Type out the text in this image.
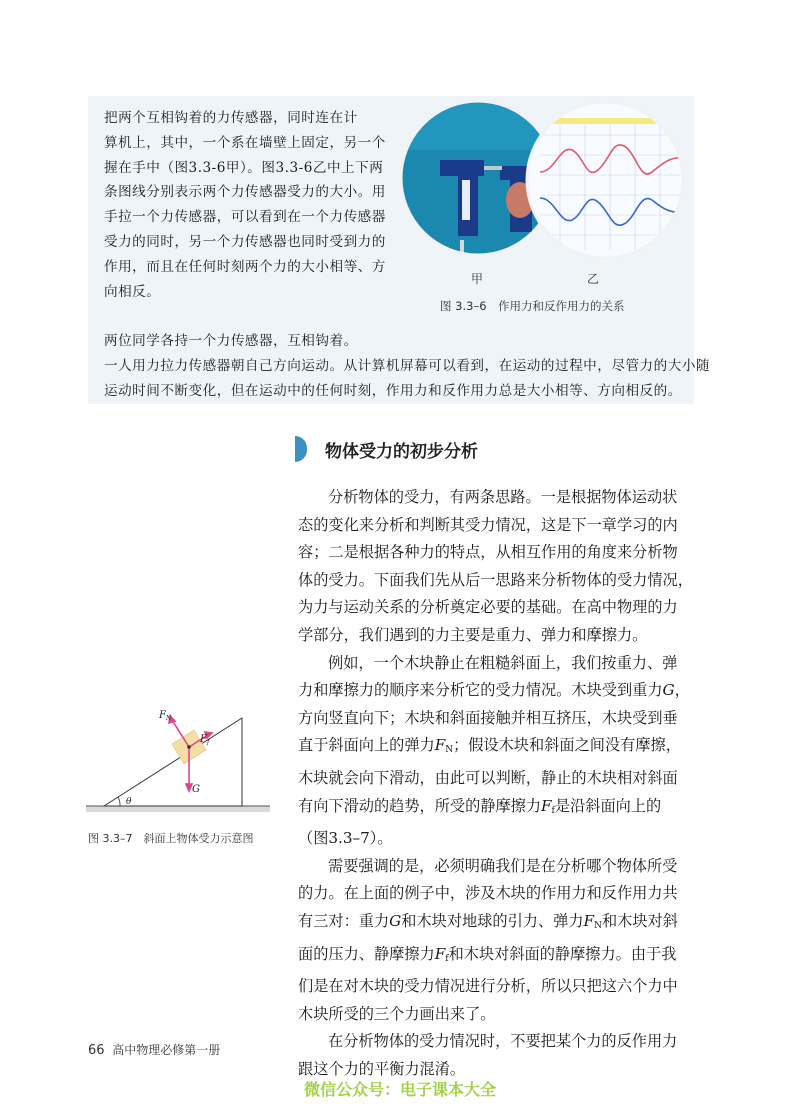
把两个互相钩着的力传感器，同时连在计
算机上，其中，一个系在墙壁上固定，另一个
握在手中（图3.3-6甲）。图3.3-6乙中上下两
条图线分别表示两个力传感器受力的大小。用
手拉一个力传感器，可以看到在一个力传感器
受力的同时，另一个力传感器也同时受到力的
作用，而且在任何时刻两个力的大小相等、方
向相反。
两位同学各持一个力传感器，互相钩着。
一人用力拉力传感器朝自己方向运动。从计算机屏幕可以看到，在运动的过程中，尽管力的大小随
运动时间不断变化，但在运动中的任何时刻，作用力和反作用力总是大小相等、方向相反的。
甲	乙
图 3.3–6　作用力和反作用力的关系
物体受力的初步分析
分析物体的受力，有两条思路。一是根据物体运动状
态的变化来分析和判断其受力情况，这是下一章学习的内
容；二是根据各种力的特点，从相互作用的角度来分析物
体的受力。下面我们先从后一思路来分析物体的受力情况，
为力与运动关系的分析奠定必要的基础。在高中物理的力
学部分，我们遇到的力主要是重力、弹力和摩擦力。
例如，一个木块静止在粗糙斜面上，我们按重力、弹
力和摩擦力的顺序来分析它的受力情况。木块受到重力G，
方向竖直向下；木块和斜面接触并相互挤压，木块受到垂
直于斜面向上的弹力$F_N$；假设木块和斜面之间没有摩擦，
木块就会向下滑动，由此可以判断，静止的木块相对斜面
有向下滑动的趋势，所受的静摩擦力$F_f$是沿斜面向上的
（图3.3–7）。
需要强调的是，必须明确我们是在分析哪个物体所受
的力。在上面的例子中，涉及木块的作用力和反作用力共
有三对：重力G和木块对地球的引力、弹力$F_N$和木块对斜
面的压力、静摩擦力$F_f$和木块对斜面的静摩擦力。由于我
们是在对木块的受力情况进行分析，所以只把这六个力中
木块所受的三个力画出来了。
在分析物体的受力情况时，不要把某个力的反作用力
跟这个力的平衡力混淆。
$F_N$
$F_f$
G
θ
图 3.3–7　斜面上物体受力示意图
66 高中物理必修第一册
微信公众号：电子课本大全
